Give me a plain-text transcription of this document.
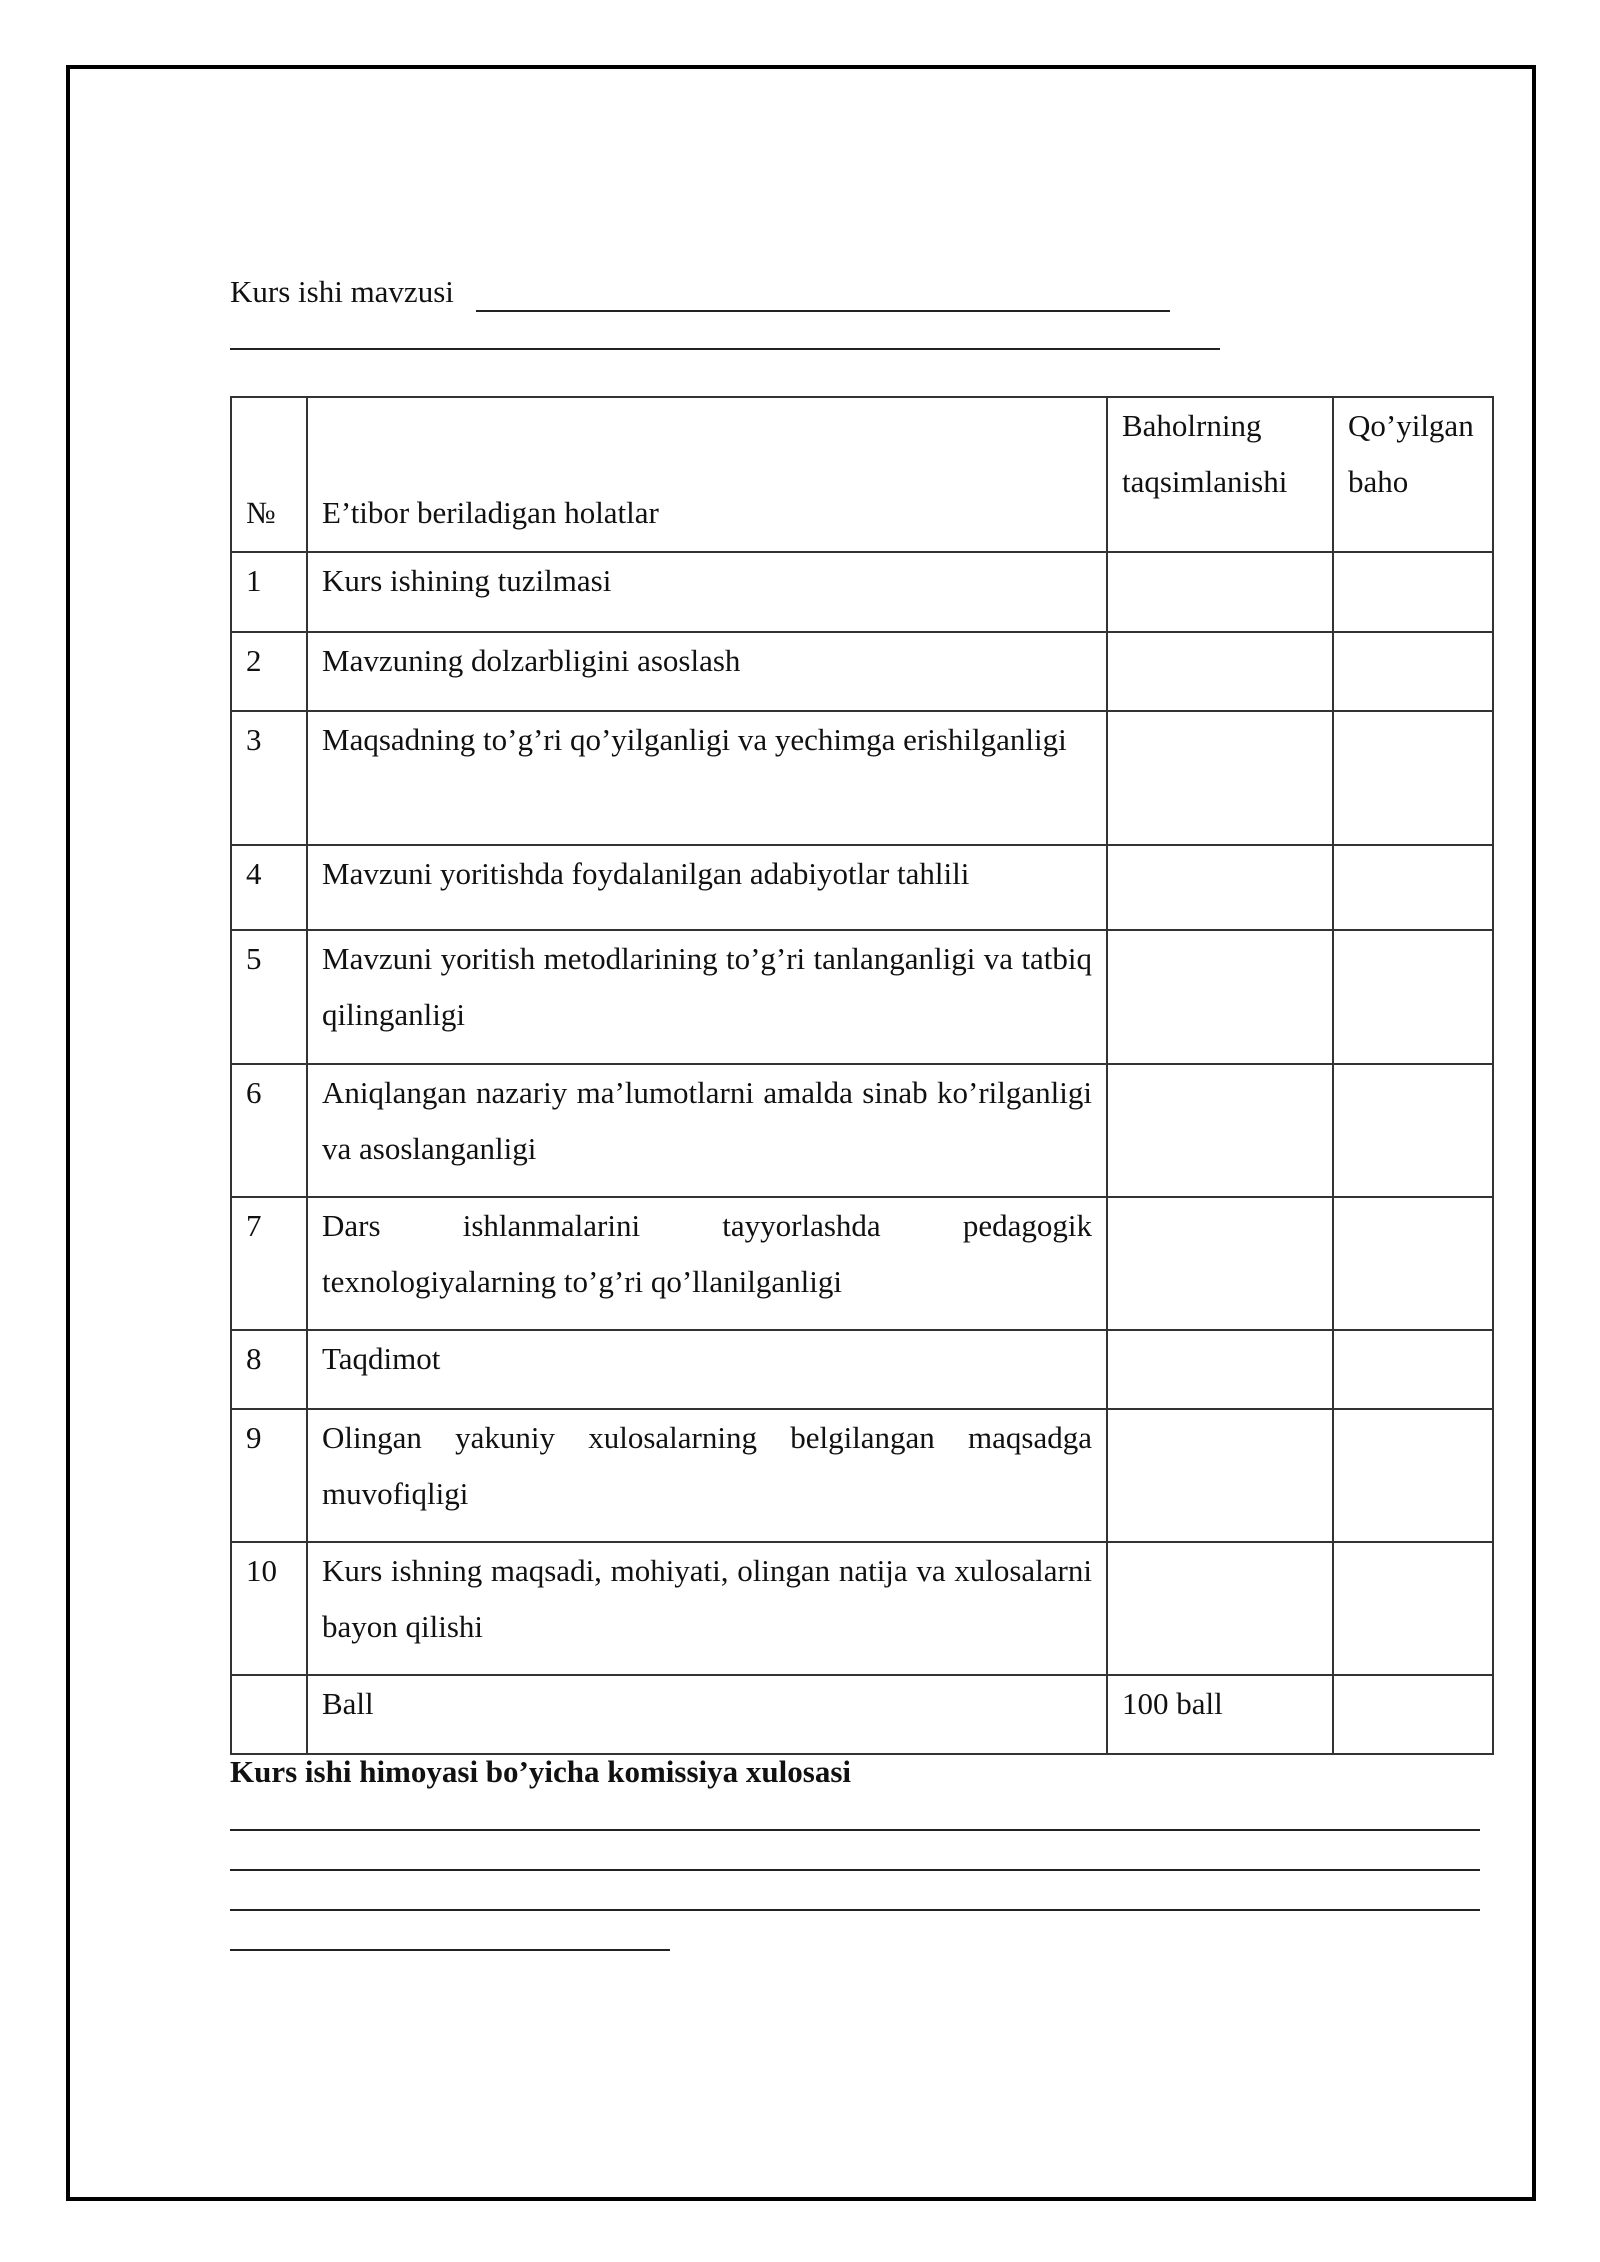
Kurs ishi mavzusi
№	E’tibor beriladigan holatlar	Baholrning taqsimlanishi	Qo’yilgan baho
1	Kurs ishining tuzilmasi		
2	Mavzuning dolzarbligini asoslash		
3	Maqsadning to’g’ri qo’yilganligi va yechimga erishilganligi		
4	Mavzuni yoritishda foydalanilgan adabiyotlar tahlili		
5	Mavzuni yoritish metodlarining to’g’ri tanlanganligi va tatbiq qilinganligi		
6	Aniqlangan nazariy ma’lumotlarni amalda sinab ko’rilganligi va asoslanganligi		
7	Dars ishlanmalarini tayyorlashda pedagogik texnologiyalarning to’g’ri qo’llanilganligi		
8	Taqdimot		
9	Olingan yakuniy xulosalarning belgilangan maqsadga muvofiqligi		
10	Kurs ishning maqsadi, mohiyati, olingan natija va xulosalarni bayon qilishi		
	Ball	100 ball	
Kurs ishi himoyasi bo’yicha komissiya xulosasi
